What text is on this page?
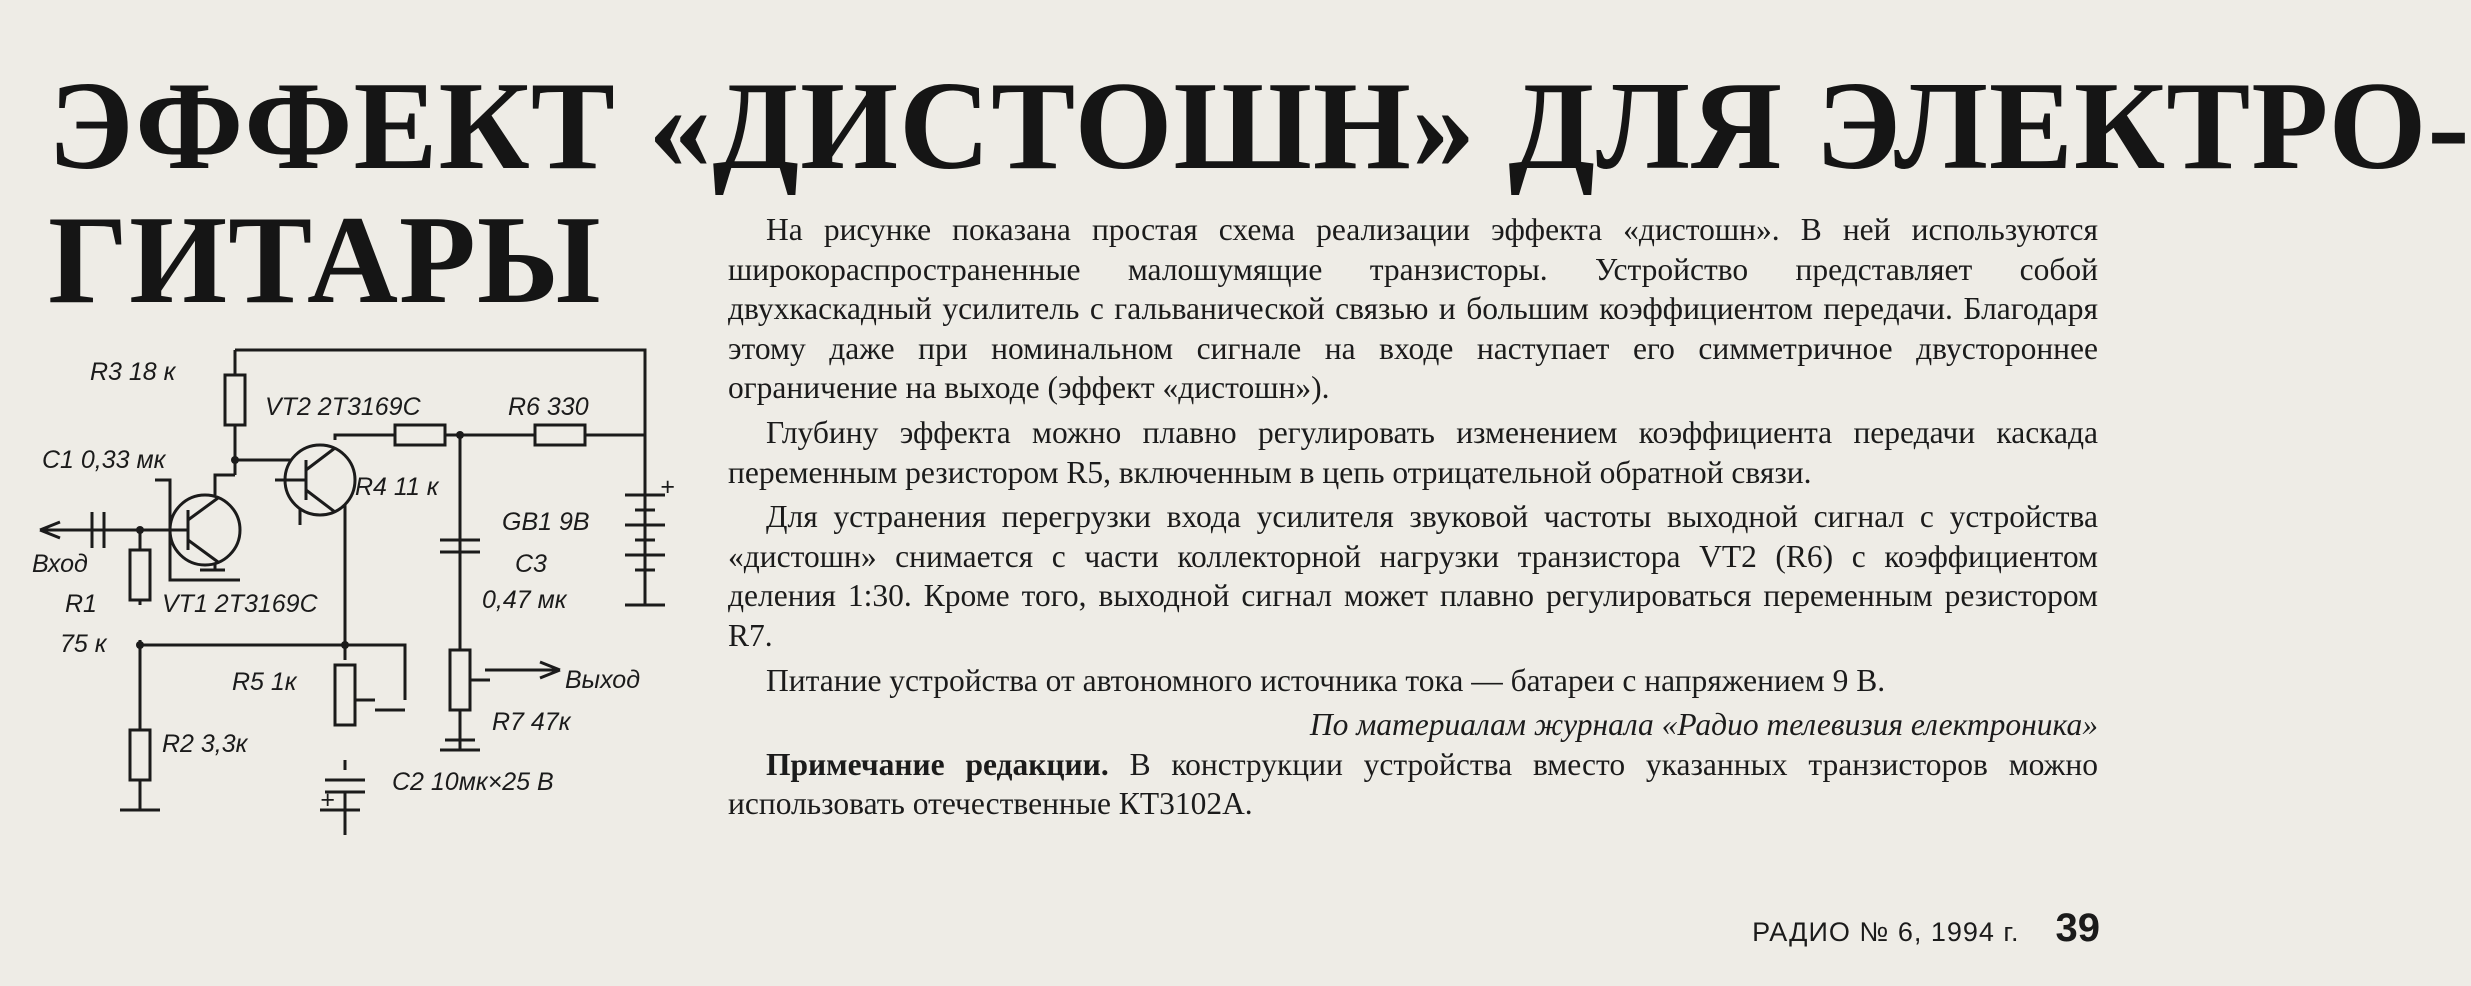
ЭФФЕКТ «ДИСТОШН» ДЛЯ ЭЛЕКТРО-
ГИТАРЫ
R3 18 к
VT2 2Т3169С	R6 330
С1 0,33 мк
R4 11 к
GB1 9В
+
С3
0,47 мк
Вход
R1
75 к
VT1 2Т3169С
R5 1к	Выход
R7 47к
R2 3,3к
С2 10мк×25 В
+

На рисунке показана простая схема реализации эффекта «дистошн». В ней используются широкораспространенные малошумящие транзисторы. Устройство представляет собой двухкаскадный усилитель с гальванической связью и большим коэффициентом передачи. Благодаря этому даже при номинальном сигнале на входе наступает его симметричное двустороннее ограничение на выходе (эффект «дистошн»).

Глубину эффекта можно плавно регулировать изменением коэффициента передачи каскада переменным резистором R5, включенным в цепь отрицательной обратной связи.

Для устранения перегрузки входа усилителя звуковой частоты выходной сигнал с устройства «дистошн» снимается с части коллекторной нагрузки транзистора VT2 (R6) с коэффициентом деления 1:30. Кроме того, выходной сигнал может плавно регулироваться переменным резистором R7.

Питание устройства от автономного источника тока — батареи с напряжением 9 В.

По материалам журнала «Радио телевизия електроника»

Примечание редакции. В конструкции устройства вместо указанных транзисторов можно использовать отечественные КТ3102А.

РАДИО № 6, 1994 г. 39
